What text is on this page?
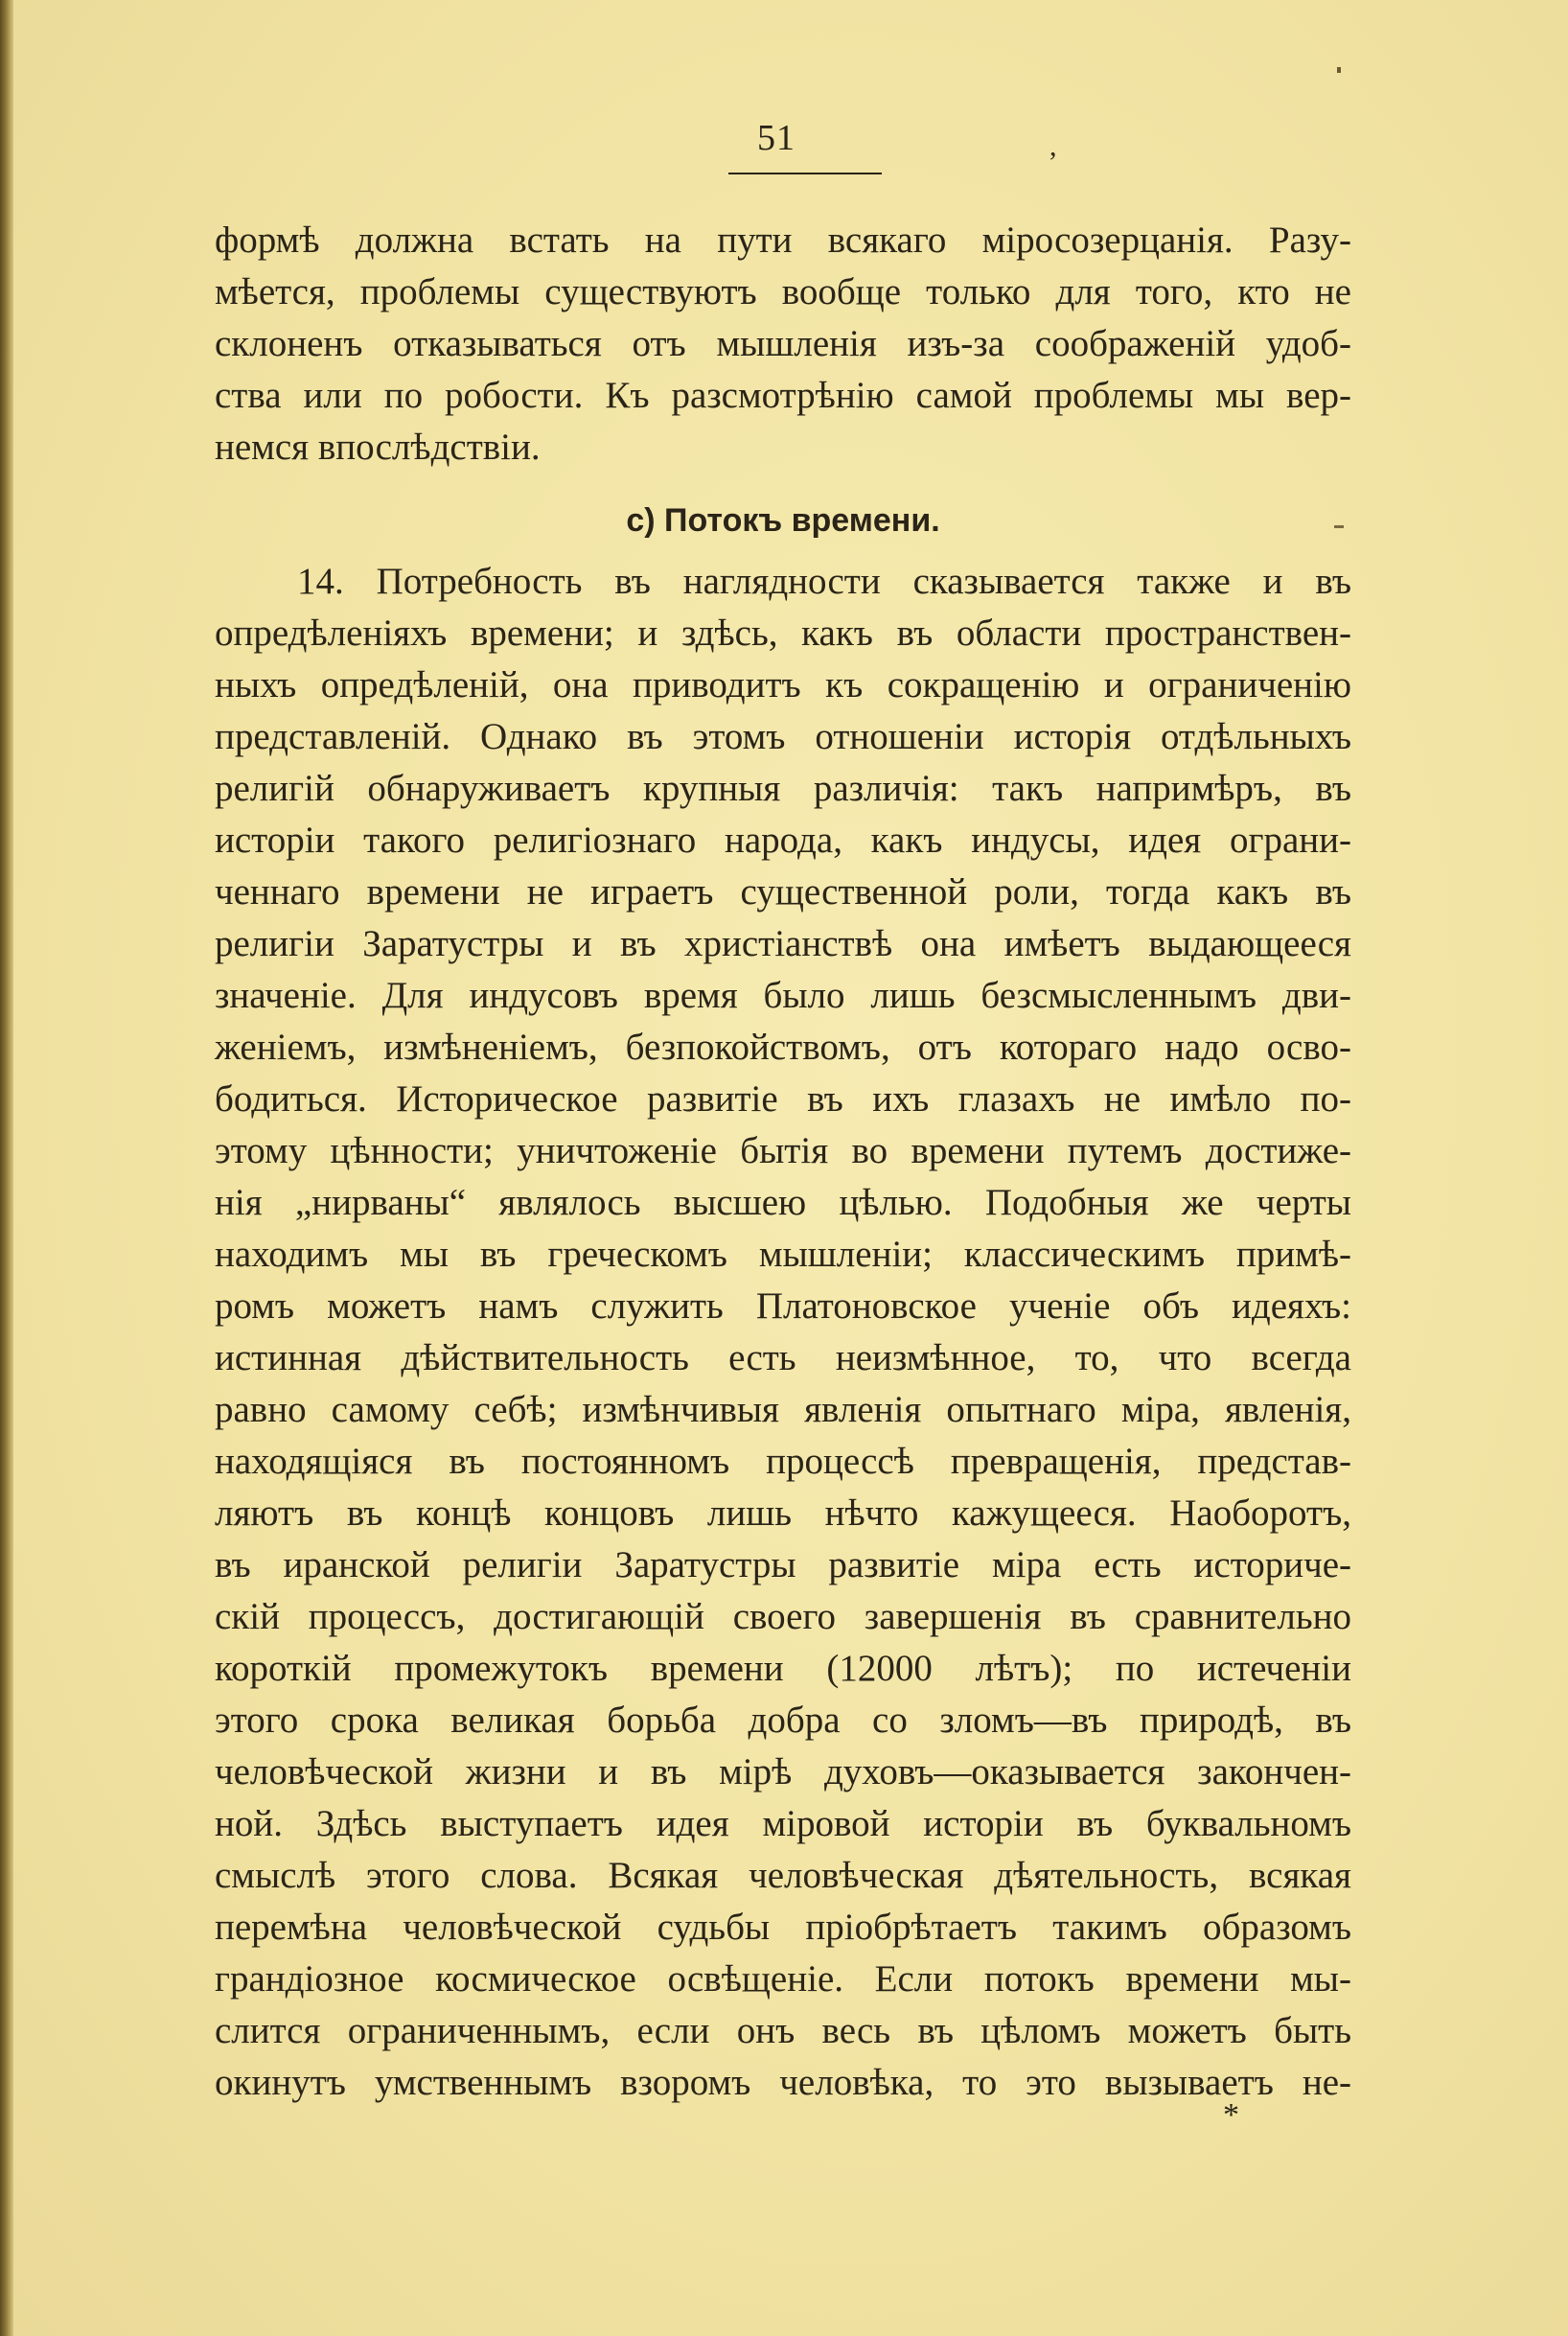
51	,
формѣ должна встать на пути всякаго міросозерцанія. Разу-
мѣется, проблемы существуютъ вообще только для того, кто не
склоненъ отказываться отъ мышленія изъ-за соображеній удоб-
ства или по робости. Къ разсмотрѣнію самой проблемы мы вер-
немся впослѣдствіи.
c) Потокъ времени.
14. Потребность въ наглядности сказывается также и въ
опредѣленіяхъ времени; и здѣсь, какъ въ области пространствен-
ныхъ опредѣленій, она приводитъ къ сокращенію и ограниченію
представленій. Однако въ этомъ отношеніи исторія отдѣльныхъ
религій обнаруживаетъ крупныя различія: такъ напримѣръ, въ
исторіи такого религіознаго народа, какъ индусы, идея ограни-
ченнаго времени не играетъ существенной роли, тогда какъ въ
религіи Заратустры и въ христіанствѣ она имѣетъ выдающееся
значеніе. Для индусовъ время было лишь безсмысленнымъ дви-
женіемъ, измѣненіемъ, безпокойствомъ, отъ котораго надо осво-
бодиться. Историческое развитіе въ ихъ глазахъ не имѣло по-
этому цѣнности; уничтоженіе бытія во времени путемъ достиже-
нія „нирваны“ являлось высшею цѣлью. Подобныя же черты
находимъ мы въ греческомъ мышленіи; классическимъ примѣ-
ромъ можетъ намъ служить Платоновское ученіе объ идеяхъ:
истинная дѣйствительность есть неизмѣнное, то, что всегда
равно самому себѣ; измѣнчивыя явленія опытнаго міра, явленія,
находящіяся въ постоянномъ процессѣ превращенія, представ-
ляютъ въ концѣ концовъ лишь нѣчто кажущееся. Наоборотъ,
въ иранской религіи Заратустры развитіе міра есть историче-
скій процессъ, достигающій своего завершенія въ сравнительно
короткій промежутокъ времени (12000 лѣтъ); по истеченіи
этого срока великая борьба добра со зломъ—въ природѣ, въ
человѣческой жизни и въ мірѣ духовъ—оказывается закончен-
ной. Здѣсь выступаетъ идея міровой исторіи въ буквальномъ
смыслѣ этого слова. Всякая человѣческая дѣятельность, всякая
перемѣна человѣческой судьбы пріобрѣтаетъ такимъ образомъ
грандіозное космическое освѣщеніе. Если потокъ времени мы-
слится ограниченнымъ, если онъ весь въ цѣломъ можетъ быть
окинутъ умственнымъ взоромъ человѣка, то это вызываетъ не-
*
